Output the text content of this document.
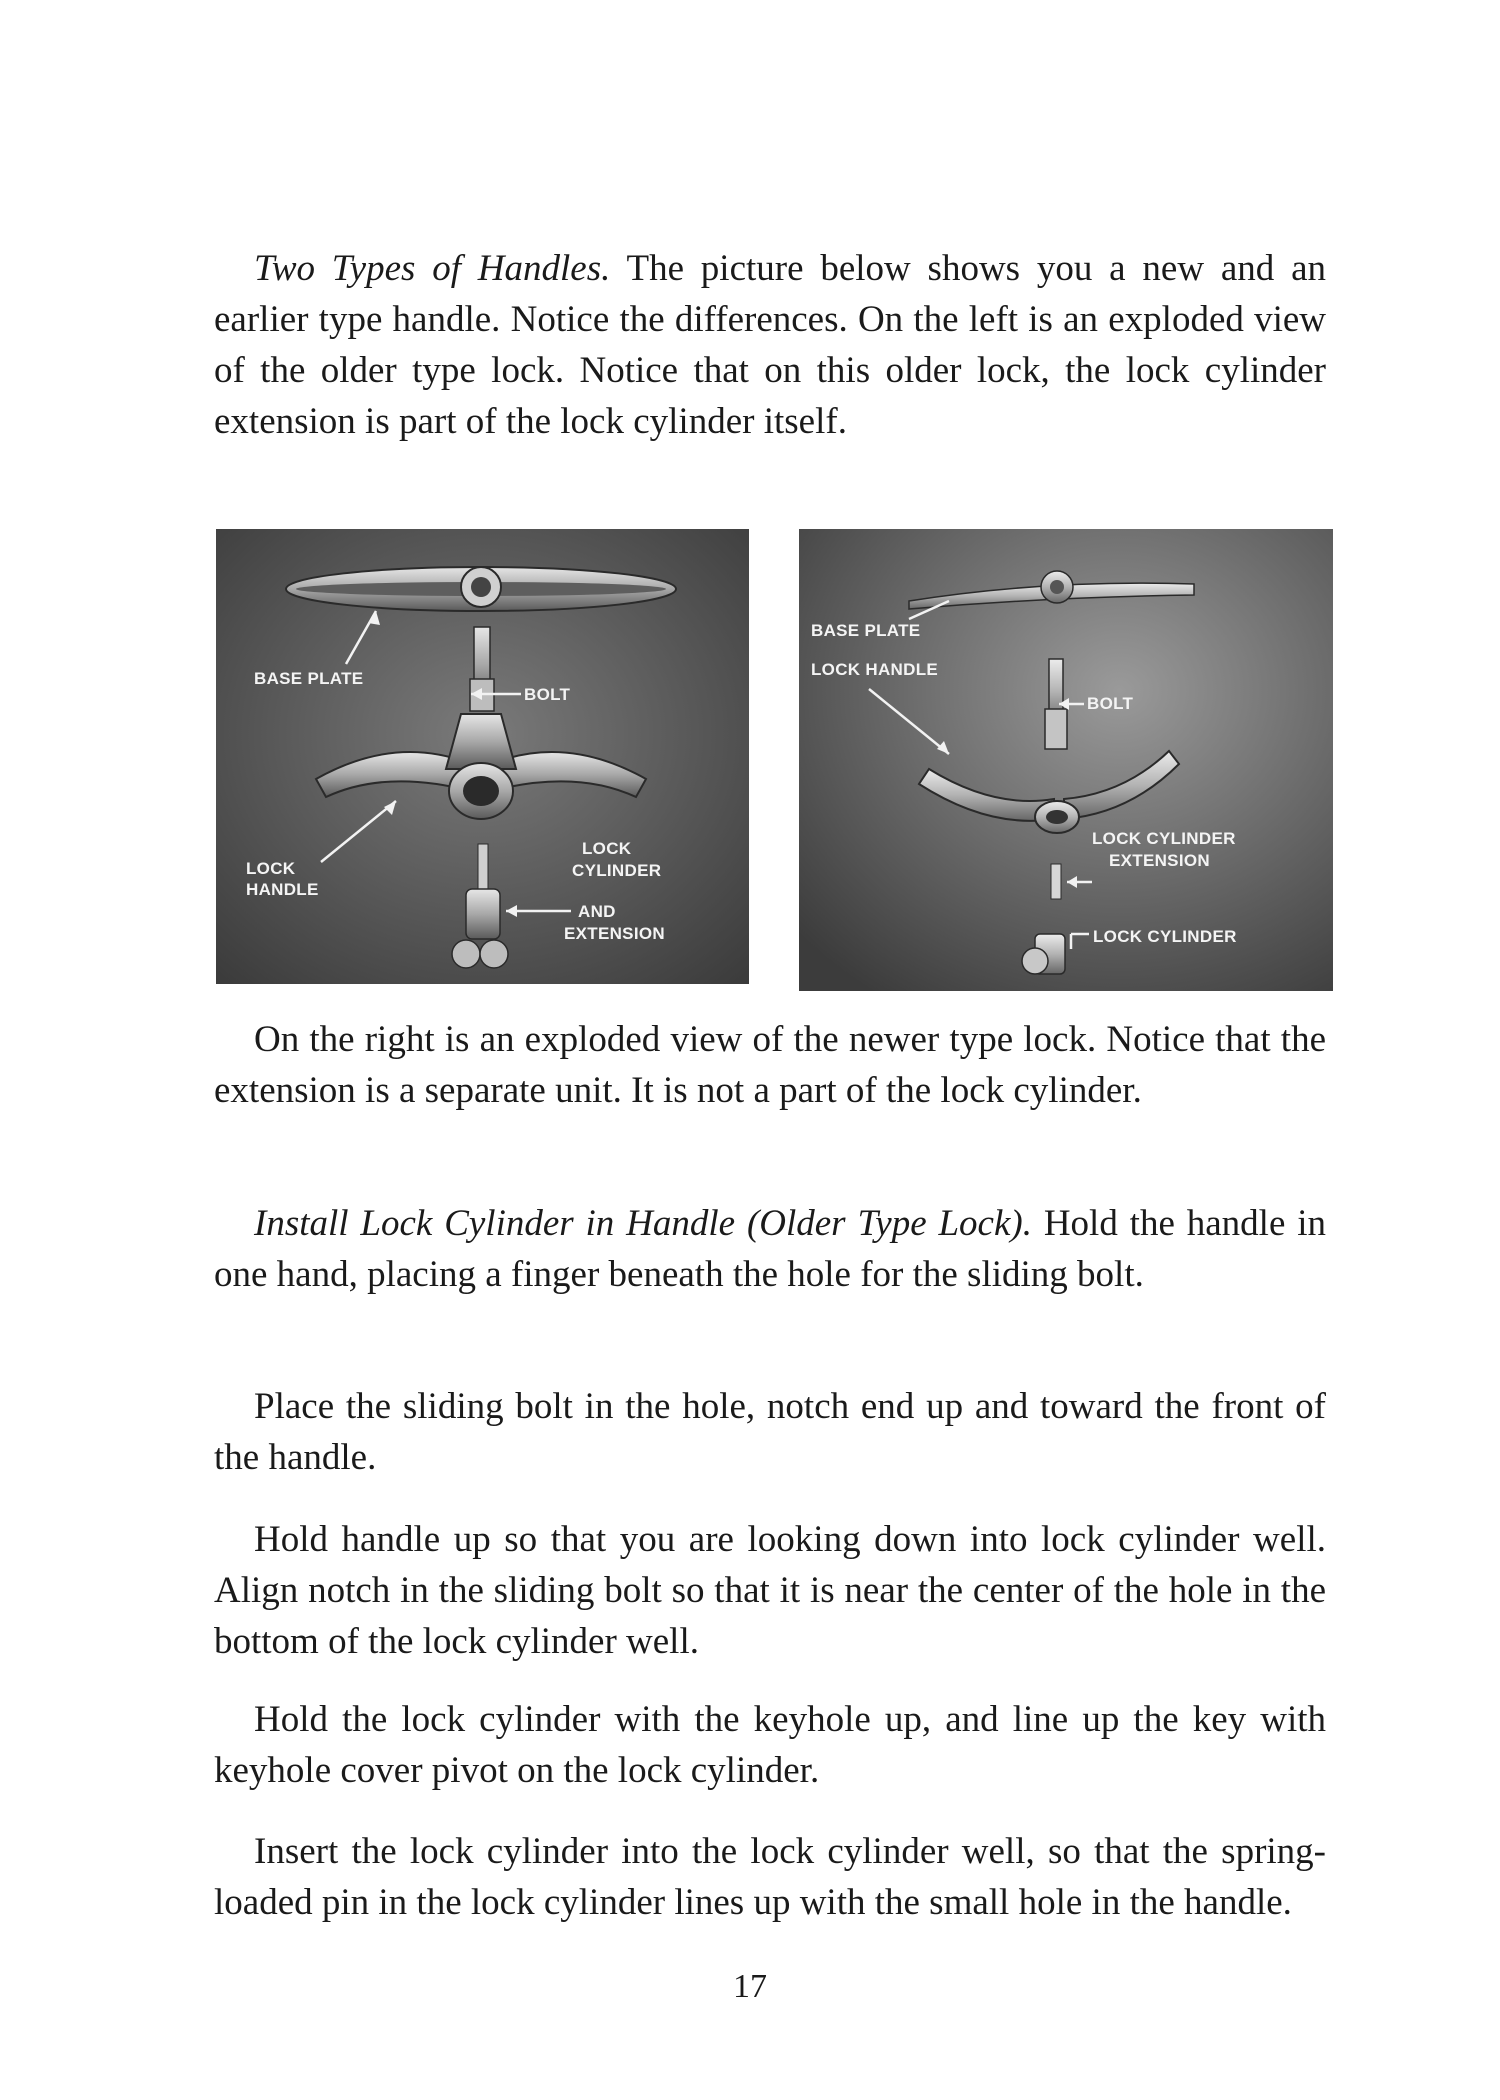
Two Types of Handles. The picture below shows you a new and an earlier type handle. Notice the differences. On the left is an exploded view of the older type lock. Notice that on this older lock, the lock cylinder extension is part of the lock cylinder itself.

BASE PLATE
BOLT
LOCK
HANDLE
LOCK
CYLINDER
AND
EXTENSION
BASE PLATE
LOCK HANDLE
BOLT
LOCK CYLINDER
EXTENSION
LOCK CYLINDER

On the right is an exploded view of the newer type lock. Notice that the extension is a separate unit. It is not a part of the lock cylinder.

Install Lock Cylinder in Handle (Older Type Lock). Hold the handle in one hand, placing a finger beneath the hole for the sliding bolt.

Place the sliding bolt in the hole, notch end up and toward the front of the handle.

Hold handle up so that you are looking down into lock cylinder well. Align notch in the sliding bolt so that it is near the center of the hole in the bottom of the lock cylinder well.

Hold the lock cylinder with the keyhole up, and line up the key with keyhole cover pivot on the lock cylinder.

Insert the lock cylinder into the lock cylinder well, so that the spring-loaded pin in the lock cylinder lines up with the small hole in the handle.

17
